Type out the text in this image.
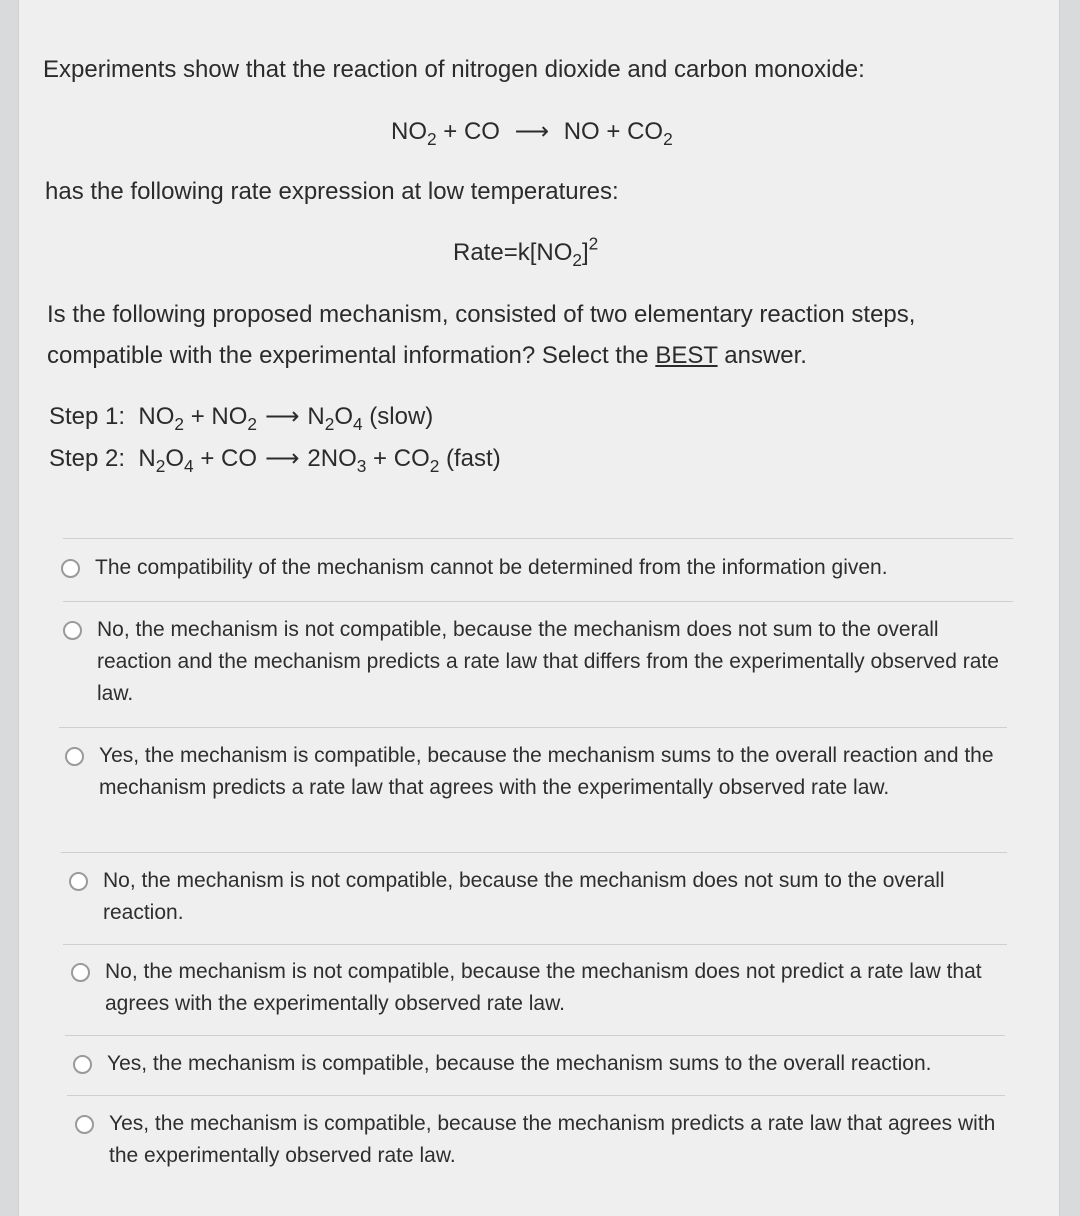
Experiments show that the reaction of nitrogen dioxide and carbon monoxide:
$NO_2$ + CO ⟶ NO + $CO_2$
has the following rate expression at low temperatures:
$Rate=k[NO_2]^2$
Is the following proposed mechanism, consisted of two elementary reaction steps,
compatible with the experimental information? Select the BEST answer.
Step 1: $NO_2 + NO_2$ ⟶ $N_2O_4$ (slow)
Step 2: $N_2O_4$ + CO ⟶ $2NO_3 + CO_2$ (fast)
The compatibility of the mechanism cannot be determined from the information given.
No, the mechanism is not compatible, because the mechanism does not sum to the overall reaction and the mechanism predicts a rate law that differs from the experimentally observed rate law.
Yes, the mechanism is compatible, because the mechanism sums to the overall reaction and the mechanism predicts a rate law that agrees with the experimentally observed rate law.
No, the mechanism is not compatible, because the mechanism does not sum to the overall reaction.
No, the mechanism is not compatible, because the mechanism does not predict a rate law that agrees with the experimentally observed rate law.
Yes, the mechanism is compatible, because the mechanism sums to the overall reaction.
Yes, the mechanism is compatible, because the mechanism predicts a rate law that agrees with the experimentally observed rate law.
